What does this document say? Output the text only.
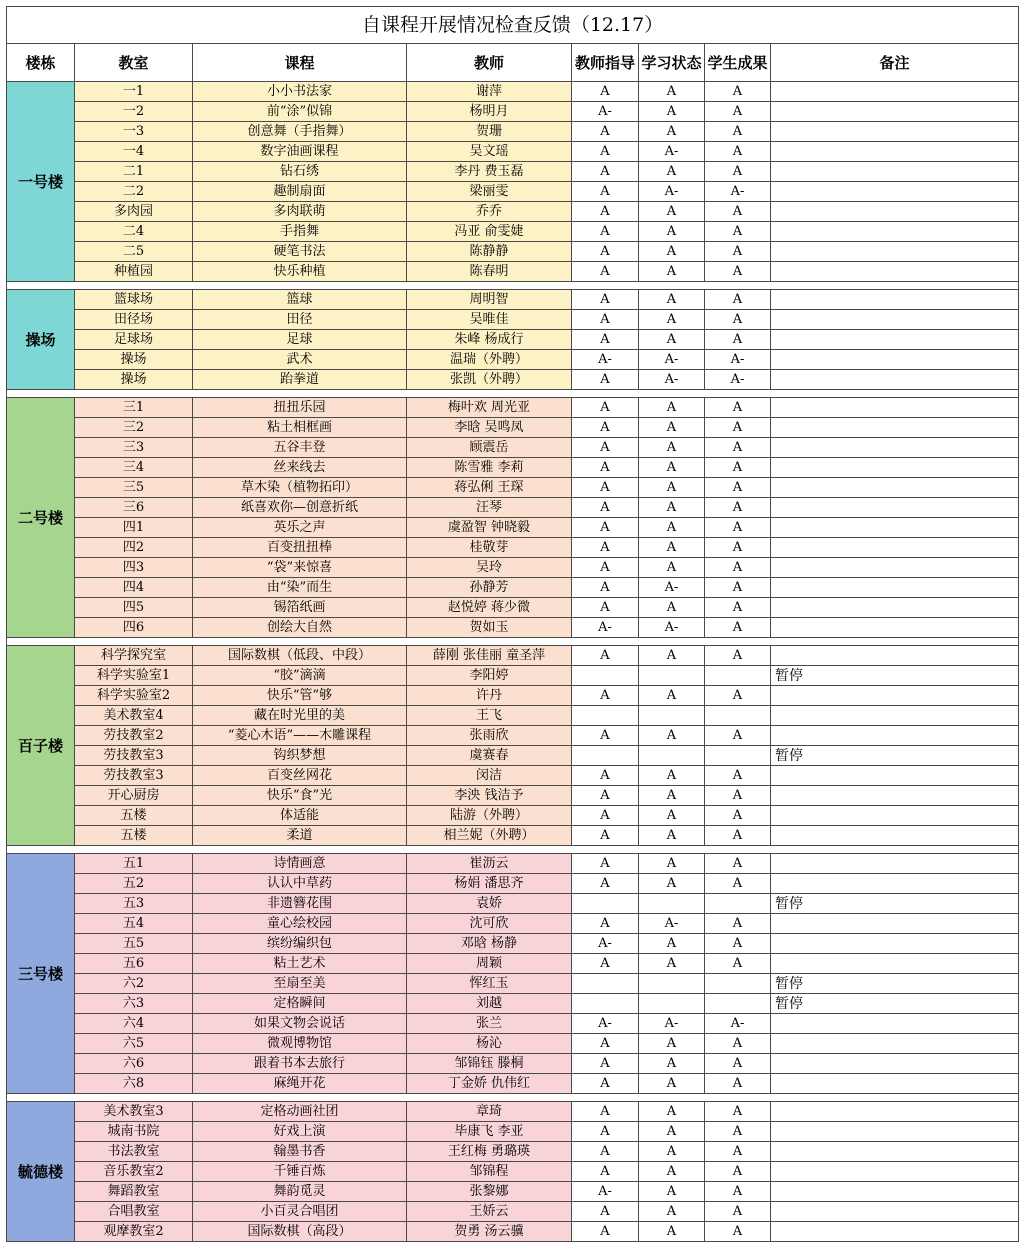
自课程开展情况检查反馈（12.17）							
楼栋	教室	课程	教师	教师指导	学习状态	学生成果	备注
一号楼	一1	小小书法家	谢萍	A	A	A	
	一2	前“涂”似锦	杨明月	A-	A	A	
	一3	创意舞（手指舞）	贺珊	A	A	A	
	一4	数字油画课程	吴文瑶	A	A-	A	
	二1	钻石绣	李丹 费玉磊	A	A	A	
	二2	趣制扇面	梁丽雯	A	A-	A-	
	多肉园	多肉联萌	乔乔	A	A	A	
	二4	手指舞	冯亚 俞雯婕	A	A	A	
	二5	硬笔书法	陈静静	A	A	A	
	种植园	快乐种植	陈春明	A	A	A	

操场	篮球场	篮球	周明智	A	A	A	
	田径场	田径	吴唯佳	A	A	A	
	足球场	足球	朱峰 杨成行	A	A	A	
	操场	武术	温瑞（外聘）	A-	A-	A-	
	操场	跆拳道	张凯（外聘）	A	A-	A-	

二号楼	三1	扭扭乐园	梅叶欢 周光亚	A	A	A	
	三2	粘土相框画	李晗 吴鸣凤	A	A	A	
	三3	五谷丰登	顾震岳	A	A	A	
	三4	丝来线去	陈雪雅 李莉	A	A	A	
	三5	草木染（植物拓印）	蒋弘俐 王琛	A	A	A	
	三6	纸喜欢你—创意折纸	汪琴	A	A	A	
	四1	英乐之声	虞盈智 钟晓毅	A	A	A	
	四2	百变扭扭棒	桂敬芽	A	A	A	
	四3	“袋”来惊喜	吴玲	A	A	A	
	四4	由“染”而生	孙静芳	A	A-	A	
	四5	锡箔纸画	赵悦婷 蒋少微	A	A	A	
	四6	创绘大自然	贺如玉	A-	A-	A	

百子楼	科学探究室	国际数棋（低段、中段）	薛刚 张佳丽 童圣萍	A	A	A	
	科学实验室1	“胶”滴滴	李阳婷				暂停
	科学实验室2	快乐“管”够	许丹	A	A	A	
	美术教室4	藏在时光里的美	王飞				
	劳技教室2	“菱心木语”——木雕课程	张雨欣	A	A	A	
	劳技教室3	钩织梦想	虞赛春				暂停
	劳技教室3	百变丝网花	闵洁	A	A	A	
	开心厨房	快乐“食”光	李泱 钱洁予	A	A	A	
	五楼	体适能	陆游（外聘）	A	A	A	
	五楼	柔道	相兰妮（外聘）	A	A	A	

三号楼	五1	诗情画意	崔沥云	A	A	A	
	五2	认认中草药	杨娟 潘思齐	A	A	A	
	五3	非遗簪花围	袁娇				暂停
	五4	童心绘校园	沈可欣	A	A-	A	
	五5	缤纷编织包	邓晗 杨静	A-	A	A	
	五6	粘土艺术	周颖	A	A	A	
	六2	至扇至美	恽红玉				暂停
	六3	定格瞬间	刘越				暂停
	六4	如果文物会说话	张兰	A-	A-	A-	
	六5	微观博物馆	杨沁	A	A	A	
	六6	跟着书本去旅行	邹锦钰 滕桐	A	A	A	
	六8	麻绳开花	丁金娇 仇伟红	A	A	A	

毓德楼	美术教室3	定格动画社团	章琦	A	A	A	
	城南书院	好戏上演	毕康飞 李亚	A	A	A	
	书法教室	翰墨书香	王红梅 勇璐瑛	A	A	A	
	音乐教室2	千锤百炼	邹锦程	A	A	A	
	舞蹈教室	舞韵觅灵	张黎娜	A-	A	A	
	合唱教室	小百灵合唱团	王娇云	A	A	A	
	观摩教室2	国际数棋（高段）	贺勇 汤云骥	A	A	A	
